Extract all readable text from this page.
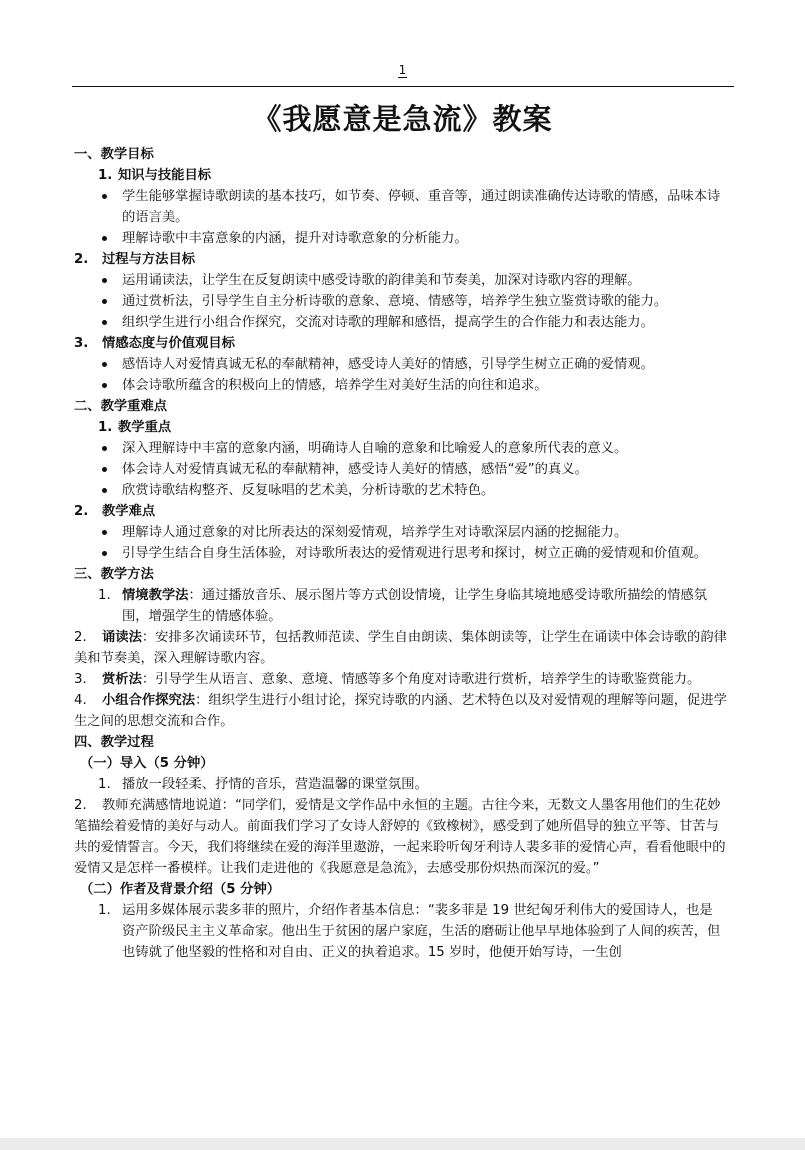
1
《我愿意是急流》教案
一、教学目标
1. 知识与技能目标
学生能够掌握诗歌朗读的基本技巧，如节奏、停顿、重音等，通过朗读准确传达诗歌的情感，品味本诗的语言美。
理解诗歌中丰富意象的内涵，提升对诗歌意象的分析能力。
2. 过程与方法目标
运用诵读法，让学生在反复朗读中感受诗歌的韵律美和节奏美，加深对诗歌内容的理解。
通过赏析法，引导学生自主分析诗歌的意象、意境、情感等，培养学生独立鉴赏诗歌的能力。
组织学生进行小组合作探究，交流对诗歌的理解和感悟，提高学生的合作能力和表达能力。
3. 情感态度与价值观目标
感悟诗人对爱情真诚无私的奉献精神，感受诗人美好的情感，引导学生树立正确的爱情观。
体会诗歌所蕴含的积极向上的情感，培养学生对美好生活的向往和追求。
二、教学重难点
1. 教学重点
深入理解诗中丰富的意象内涵，明确诗人自喻的意象和比喻爱人的意象所代表的意义。
体会诗人对爱情真诚无私的奉献精神，感受诗人美好的情感，感悟“爱”的真义。
欣赏诗歌结构整齐、反复咏唱的艺术美，分析诗歌的艺术特色。
2. 教学难点
理解诗人通过意象的对比所表达的深刻爱情观，培养学生对诗歌深层内涵的挖掘能力。
引导学生结合自身生活体验，对诗歌所表达的爱情观进行思考和探讨，树立正确的爱情观和价值观。
三、教学方法
1. 情境教学法：通过播放音乐、展示图片等方式创设情境，让学生身临其境地感受诗歌所描绘的情感氛围，增强学生的情感体验。
2. 诵读法：安排多次诵读环节，包括教师范读、学生自由朗读、集体朗读等，让学生在诵读中体会诗歌的韵律美和节奏美，深入理解诗歌内容。
3. 赏析法：引导学生从语言、意象、意境、情感等多个角度对诗歌进行赏析，培养学生的诗歌鉴赏能力。
4. 小组合作探究法：组织学生进行小组讨论，探究诗歌的内涵、艺术特色以及对爱情观的理解等问题，促进学生之间的思想交流和合作。
四、教学过程
（一）导入（5 分钟）
1. 播放一段轻柔、抒情的音乐，营造温馨的课堂氛围。
2. 教师充满感情地说道：“同学们，爱情是文学作品中永恒的主题。古往今来，无数文人墨客用他们的生花妙笔描绘着爱情的美好与动人。前面我们学习了女诗人舒婷的《致橡树》，感受到了她所倡导的独立平等、甘苦与共的爱情誓言。今天，我们将继续在爱的海洋里遨游，一起来聆听匈牙利诗人裴多菲的爱情心声，看看他眼中的爱情又是怎样一番模样。让我们走进他的《我愿意是急流》，去感受那份炽热而深沉的爱。”
（二）作者及背景介绍（5 分钟）
1. 运用多媒体展示裴多菲的照片，介绍作者基本信息：“裴多菲是 19 世纪匈牙利伟大的爱国诗人，也是资产阶级民主主义革命家。他出生于贫困的屠户家庭，生活的磨砺让他早早地体验到了人间的疾苦，但也铸就了他坚毅的性格和对自由、正义的执着追求。15 岁时，他便开始写诗，一生创
